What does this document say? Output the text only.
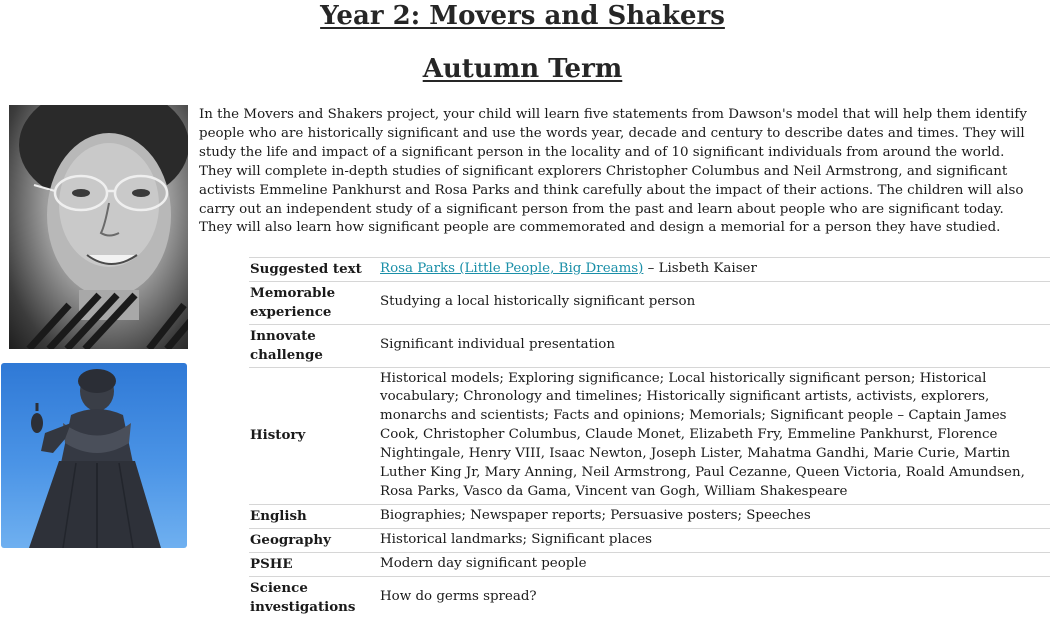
Year 2: Movers and Shakers
Autumn Term

In the Movers and Shakers project, your child will learn five statements from Dawson's model that will help them identify people who are historically significant and use the words year, decade and century to describe dates and times. They will study the life and impact of a significant person in the locality and of 10 significant individuals from around the world. They will complete in-depth studies of significant explorers Christopher Columbus and Neil Armstrong, and significant activists Emmeline Pankhurst and Rosa Parks and think carefully about the impact of their actions. The children will also carry out an independent study of a significant person from the past and learn about people who are significant today. They will also learn how significant people are commemorated and design a memorial for a person they have studied.

Suggested text	Rosa Parks (Little People, Big Dreams) – Lisbeth Kaiser
Memorable experience	Studying a local historically significant person
Innovate challenge	Significant individual presentation
History	Historical models; Exploring significance; Local historically significant person; Historical vocabulary; Chronology and timelines; Historically significant artists, activists, explorers, monarchs and scientists; Facts and opinions; Memorials; Significant people – Captain James Cook, Christopher Columbus, Claude Monet, Elizabeth Fry, Emmeline Pankhurst, Florence Nightingale, Henry VIII, Isaac Newton, Joseph Lister, Mahatma Gandhi, Marie Curie, Martin Luther King Jr, Mary Anning, Neil Armstrong, Paul Cezanne, Queen Victoria, Roald Amundsen, Rosa Parks, Vasco da Gama, Vincent van Gogh, William Shakespeare
English	Biographies; Newspaper reports; Persuasive posters; Speeches
Geography	Historical landmarks; Significant places
PSHE	Modern day significant people
Science investigations	How do germs spread?
